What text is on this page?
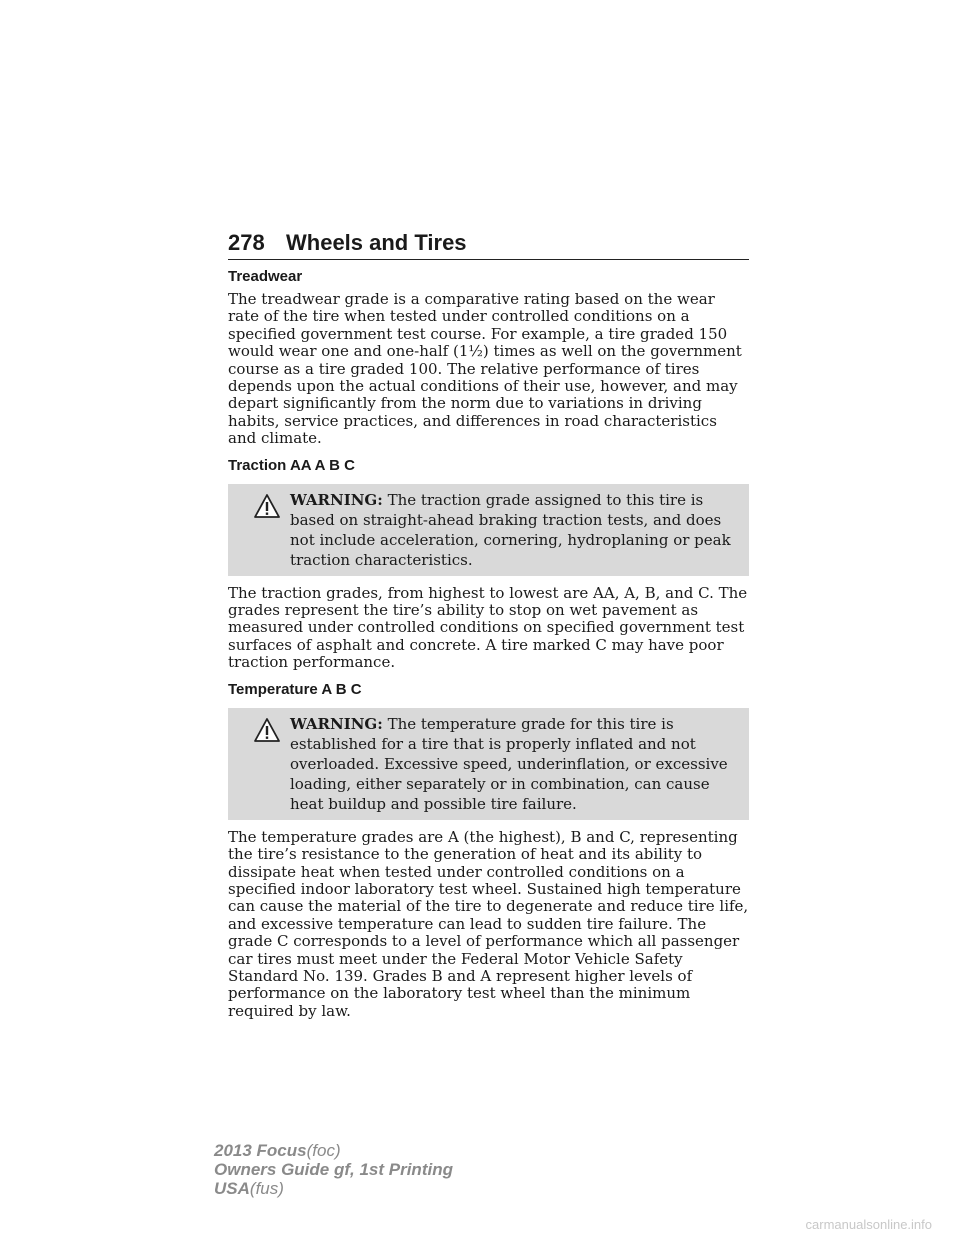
278 Wheels and Tires
Treadwear

The treadwear grade is a comparative rating based on the wear rate of the tire when tested under controlled conditions on a specified government test course. For example, a tire graded 150 would wear one and one-half (1½) times as well on the government course as a tire graded 100. The relative performance of tires depends upon the actual conditions of their use, however, and may depart significantly from the norm due to variations in driving habits, service practices, and differences in road characteristics and climate.

Traction AA A B C
WARNING: The traction grade assigned to this tire is based on straight-ahead braking traction tests, and does not include acceleration, cornering, hydroplaning or peak traction characteristics.

The traction grades, from highest to lowest are AA, A, B, and C. The grades represent the tire’s ability to stop on wet pavement as measured under controlled conditions on specified government test surfaces of asphalt and concrete. A tire marked C may have poor traction performance.

Temperature A B C
WARNING: The temperature grade for this tire is established for a tire that is properly inflated and not overloaded. Excessive speed, underinflation, or excessive loading, either separately or in combination, can cause heat buildup and possible tire failure.

The temperature grades are A (the highest), B and C, representing the tire’s resistance to the generation of heat and its ability to dissipate heat when tested under controlled conditions on a specified indoor laboratory test wheel. Sustained high temperature can cause the material of the tire to degenerate and reduce tire life, and excessive temperature can lead to sudden tire failure. The grade C corresponds to a level of performance which all passenger car tires must meet under the Federal Motor Vehicle Safety Standard No. 139. Grades B and A represent higher levels of performance on the laboratory test wheel than the minimum required by law.

2013 Focus(foc)
Owners Guide gf, 1st Printing
USA(fus)
carmanualsonline.info
